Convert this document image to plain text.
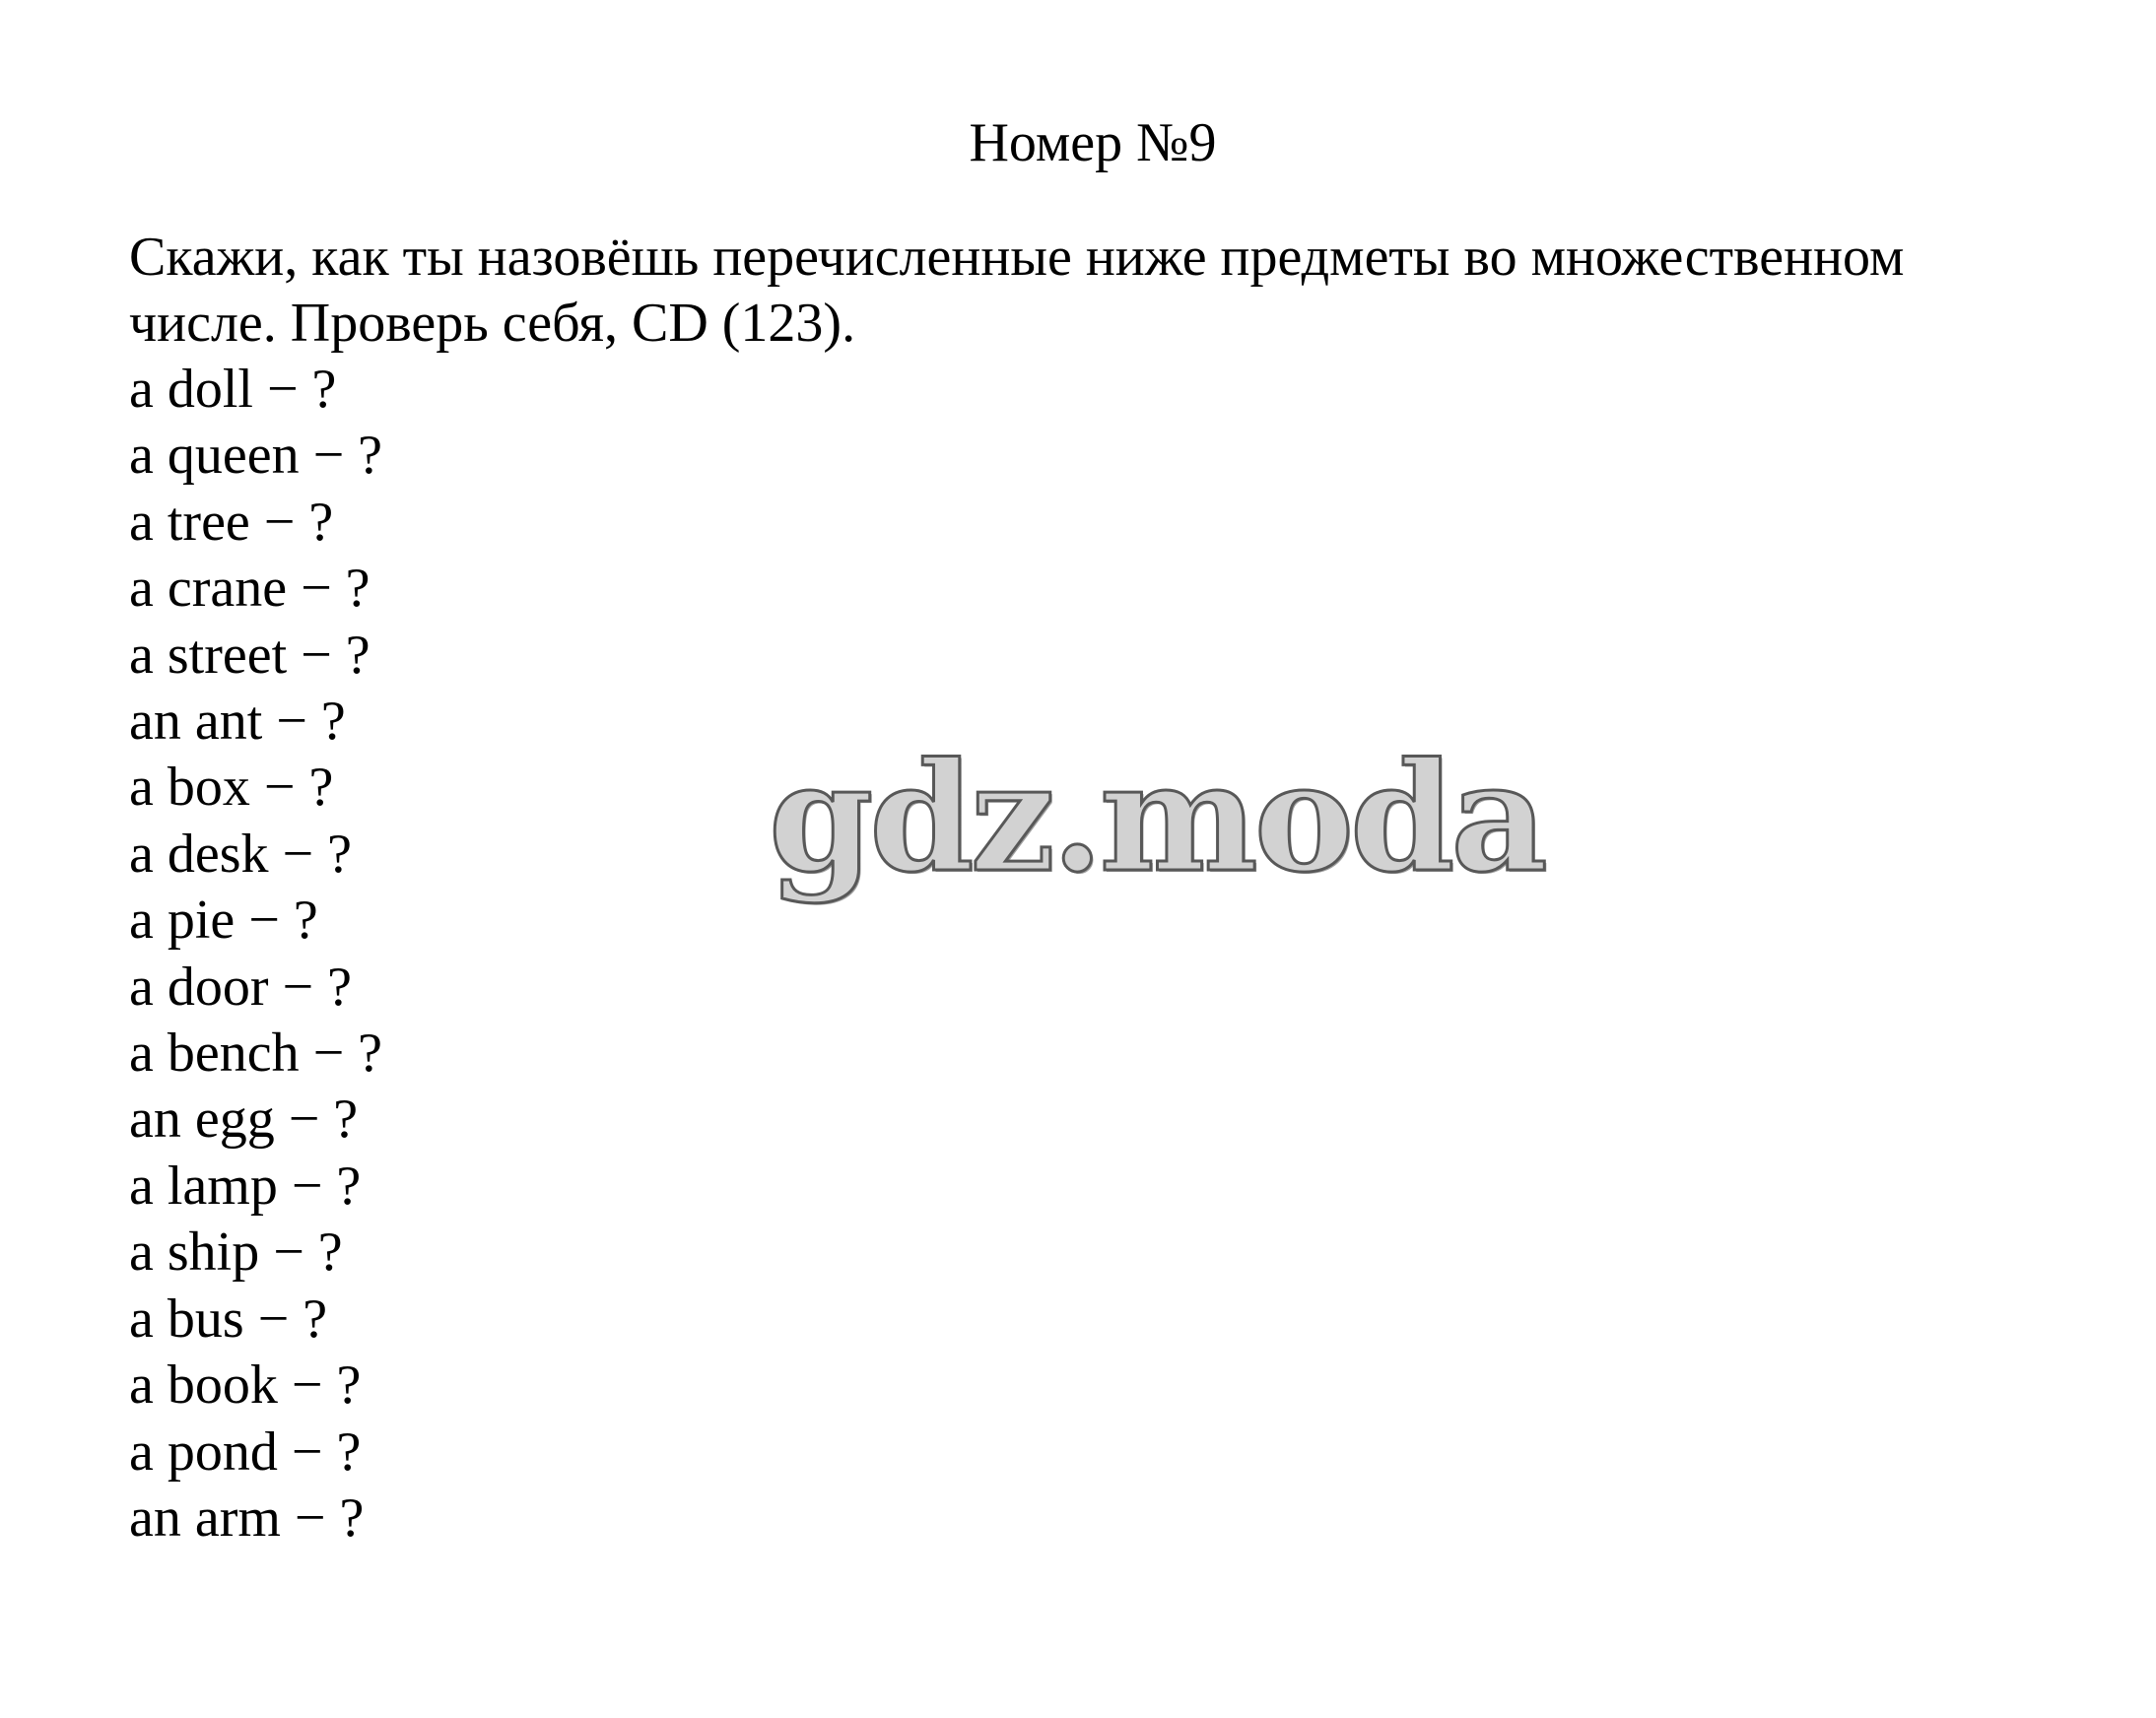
Номер №9

Скажи, как ты назовёшь перечисленные ниже предметы во множественном

числе. Проверь себя, CD (123).

a doll − ?
a queen − ?
a tree − ?
a crane − ?
a street − ?
an ant − ?
a box − ?
a desk − ?
a pie − ?
a door − ?
a bench − ?
an egg − ?
a lamp − ?
a ship − ?
a bus − ?
a book − ?
a pond − ?
an arm − ?
gdz.moda
